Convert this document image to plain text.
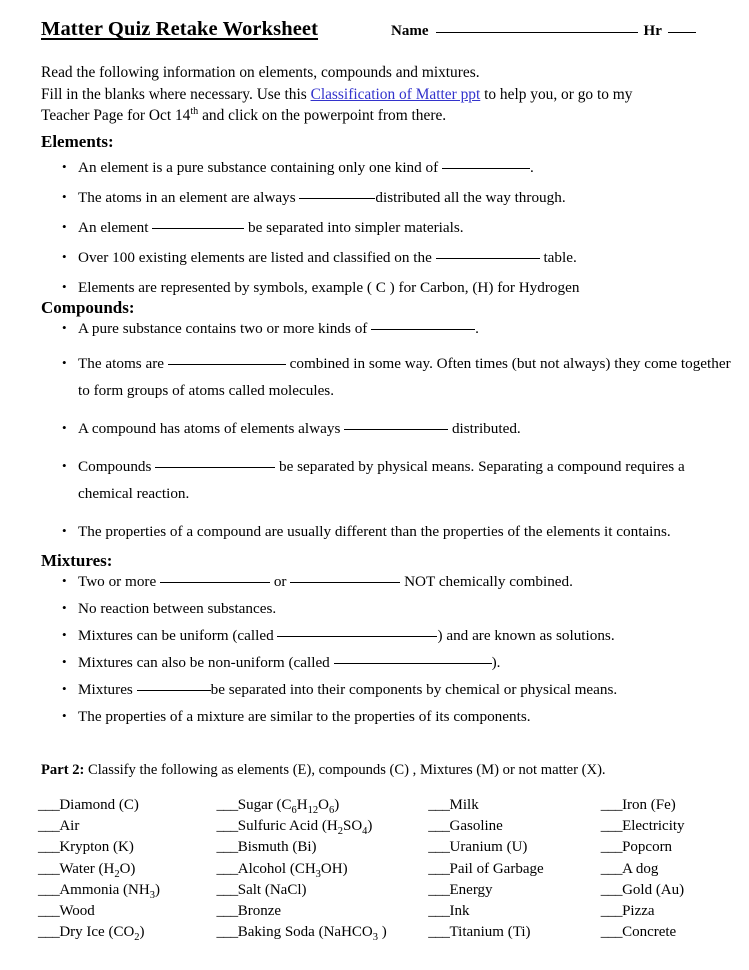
Matter Quiz Retake Worksheet	Name	Hr
Read the following information on elements, compounds and mixtures.
Fill in the blanks where necessary. Use this Classification of Matter ppt to help you, or go to my
Teacher Page for Oct 14th and click on the powerpoint from there.
Elements:
• An element is a pure substance containing only one kind of	.
• The atoms in an element are always	distributed all the way through.
• An element	be separated into simpler materials.
• Over 100 existing elements are listed and classified on the	table.
• Elements are represented by symbols, example ( C ) for Carbon, (H) for Hydrogen
Compounds:
• A pure substance contains two or more kinds of	.
• The atoms are	combined in some way. Often times (but not always) they come together to form groups of atoms called molecules.
• A compound has atoms of elements always	distributed.
• Compounds	be separated by physical means. Separating a compound requires a chemical reaction.
• The properties of a compound are usually different than the properties of the elements it contains.
Mixtures:
• Two or more	or	NOT chemically combined.
• No reaction between substances.
• Mixtures can be uniform (called	) and are known as solutions.
• Mixtures can also be non-uniform (called	).
• Mixtures	be separated into their components by chemical or physical means.
• The properties of a mixture are similar to the properties of its components.
Part 2: Classify the following as elements (E), compounds (C) , Mixtures (M) or not matter (X).
___Diamond (C)
___Air
___Krypton (K)
___Water $(H_2O)$
___Ammonia $(NH_3)$
___Wood
___Dry Ice $(CO_2)$
___Sugar $(C_6H_{12}O_6)$
___Sulfuric Acid $(H_2SO_4)$
___Bismuth (Bi)
___Alcohol $(CH_3OH)$
___Salt (NaCl)
___Bronze
___Baking Soda (NaHCO$_3$ )
___Milk
___Gasoline
___Uranium (U)
___Pail of Garbage
___Energy
___Ink
___Titanium (Ti)
___Iron (Fe)
___Electricity
___Popcorn
___A dog
___Gold (Au)
___Pizza
___Concrete
